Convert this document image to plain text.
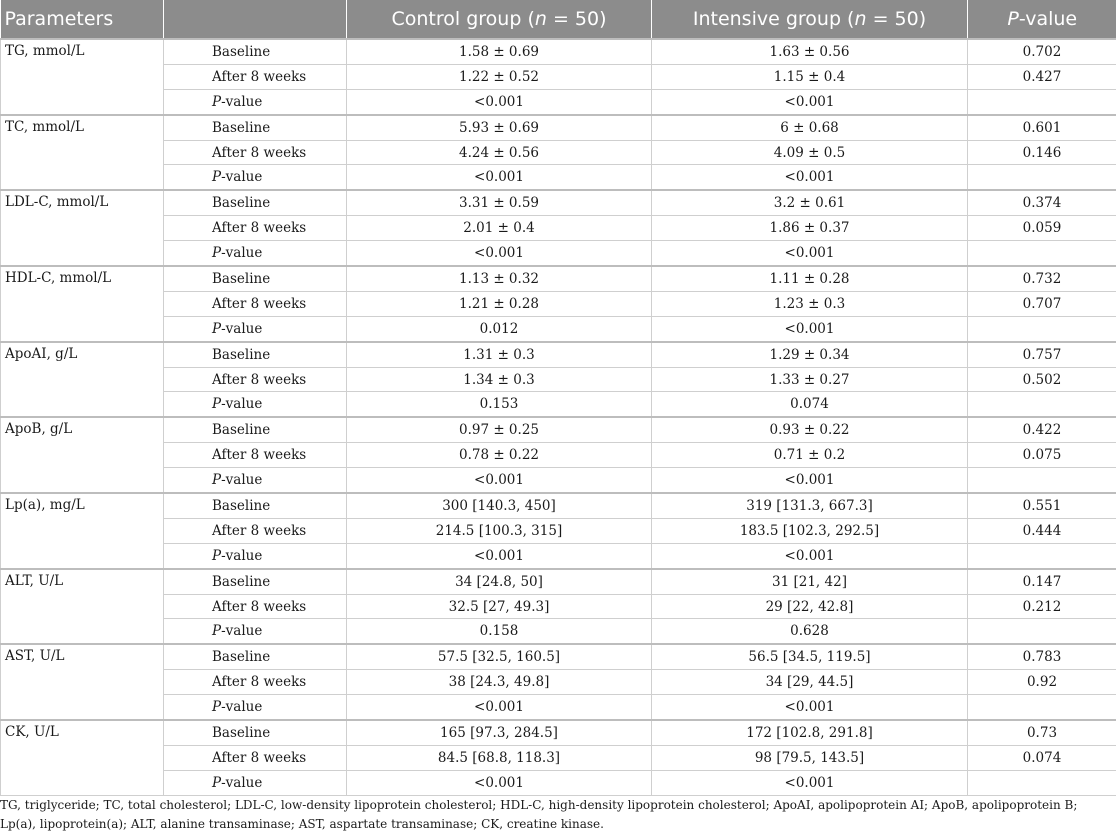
Parameters		Control group (n = 50)	Intensive group (n = 50)	P-value
TG, mmol/L	Baseline	1.58 ± 0.69	1.63 ± 0.56	0.702
	After 8 weeks	1.22 ± 0.52	1.15 ± 0.4	0.427
	P-value	<0.001	<0.001	
TC, mmol/L	Baseline	5.93 ± 0.69	6 ± 0.68	0.601
	After 8 weeks	4.24 ± 0.56	4.09 ± 0.5	0.146
	P-value	<0.001	<0.001	
LDL-C, mmol/L	Baseline	3.31 ± 0.59	3.2 ± 0.61	0.374
	After 8 weeks	2.01 ± 0.4	1.86 ± 0.37	0.059
	P-value	<0.001	<0.001	
HDL-C, mmol/L	Baseline	1.13 ± 0.32	1.11 ± 0.28	0.732
	After 8 weeks	1.21 ± 0.28	1.23 ± 0.3	0.707
	P-value	0.012	<0.001	
ApoAI, g/L	Baseline	1.31 ± 0.3	1.29 ± 0.34	0.757
	After 8 weeks	1.34 ± 0.3	1.33 ± 0.27	0.502
	P-value	0.153	0.074	
ApoB, g/L	Baseline	0.97 ± 0.25	0.93 ± 0.22	0.422
	After 8 weeks	0.78 ± 0.22	0.71 ± 0.2	0.075
	P-value	<0.001	<0.001	
Lp(a), mg/L	Baseline	300 [140.3, 450]	319 [131.3, 667.3]	0.551
	After 8 weeks	214.5 [100.3, 315]	183.5 [102.3, 292.5]	0.444
	P-value	<0.001	<0.001	
ALT, U/L	Baseline	34 [24.8, 50]	31 [21, 42]	0.147
	After 8 weeks	32.5 [27, 49.3]	29 [22, 42.8]	0.212
	P-value	0.158	0.628	
AST, U/L	Baseline	57.5 [32.5, 160.5]	56.5 [34.5, 119.5]	0.783
	After 8 weeks	38 [24.3, 49.8]	34 [29, 44.5]	0.92
	P-value	<0.001	<0.001	
CK, U/L	Baseline	165 [97.3, 284.5]	172 [102.8, 291.8]	0.73
	After 8 weeks	84.5 [68.8, 118.3]	98 [79.5, 143.5]	0.074
	P-value	<0.001	<0.001	
TG, triglyceride; TC, total cholesterol; LDL-C, low-density lipoprotein cholesterol; HDL-C, high-density lipoprotein cholesterol; ApoAI, apolipoprotein AI; ApoB, apolipoprotein B; Lp(a), lipoprotein(a); ALT, alanine transaminase; AST, aspartate transaminase; CK, creatine kinase.
